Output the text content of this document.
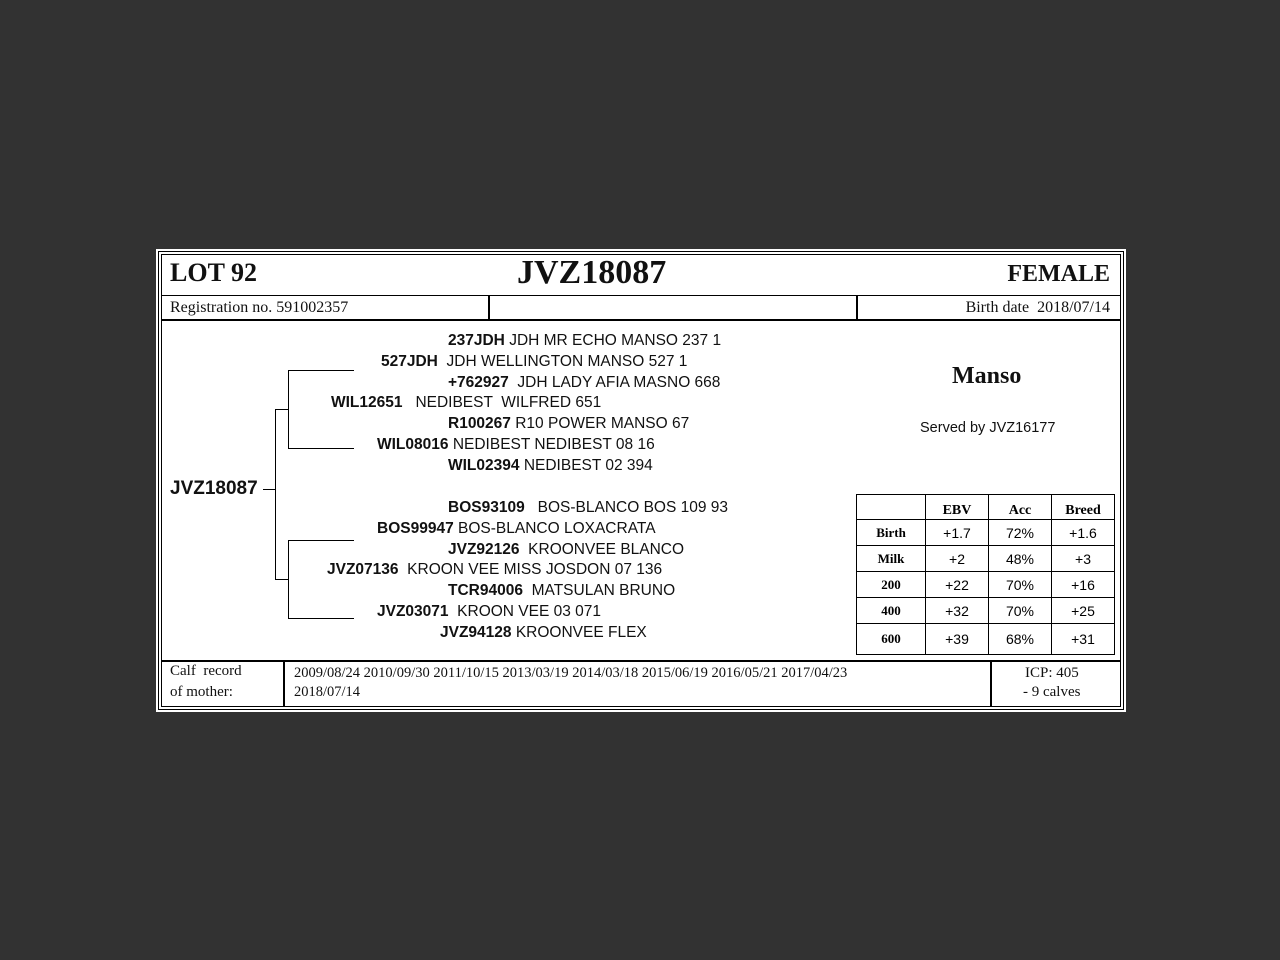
LOT 92	JVZ18087	FEMALE
Registration no. 591002357	Birth date  2018/07/14
JVZ18087
237JDH JDH MR ECHO MANSO 237 1
527JDH JDH WELLINGTON MANSO 527 1
+762927 JDH LADY AFIA MASNO 668
WIL12651 NEDIBEST  WILFRED 651
R100267 R10 POWER MANSO 67
WIL08016 NEDIBEST NEDIBEST 08 16
WIL02394 NEDIBEST 02 394
BOS93109 BOS-BLANCO BOS 109 93
BOS99947 BOS-BLANCO LOXACRATA
JVZ92126 KROONVEE BLANCO
JVZ07136 KROON VEE MISS JOSDON 07 136
TCR94006 MATSULAN BRUNO
JVZ03071 KROON VEE 03 071
JVZ94128 KROONVEE FLEX
Manso
Served by JVZ16177
	EBV	Acc	Breed
Birth	+1.7	72%	+1.6
Milk	+2	48%	+3
200	+22	70%	+16
400	+32	70%	+25
600	+39	68%	+31
Calf  record
of mother:
2009/08/24 2010/09/30 2011/10/15 2013/03/19 2014/03/18 2015/06/19 2016/05/21 2017/04/23
2018/07/14
ICP: 405
- 9 calves
